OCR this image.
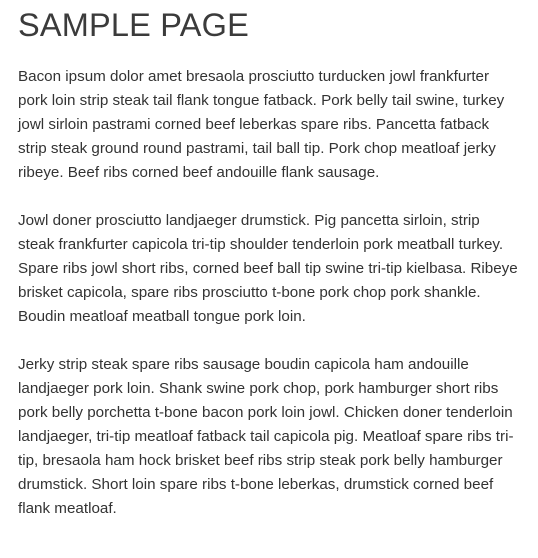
SAMPLE PAGE

Bacon ipsum dolor amet bresaola prosciutto turducken jowl frankfurter pork loin strip steak tail flank tongue fatback. Pork belly tail swine, turkey jowl sirloin pastrami corned beef leberkas spare ribs. Pancetta fatback strip steak ground round pastrami, tail ball tip. Pork chop meatloaf jerky ribeye. Beef ribs corned beef andouille flank sausage.

Jowl doner prosciutto landjaeger drumstick. Pig pancetta sirloin, strip steak frankfurter capicola tri-tip shoulder tenderloin pork meatball turkey. Spare ribs jowl short ribs, corned beef ball tip swine tri-tip kielbasa. Ribeye brisket capicola, spare ribs prosciutto t-bone pork chop pork shankle. Boudin meatloaf meatball tongue pork loin.

Jerky strip steak spare ribs sausage boudin capicola ham andouille landjaeger pork loin. Shank swine pork chop, pork hamburger short ribs pork belly porchetta t-bone bacon pork loin jowl. Chicken doner tenderloin landjaeger, tri-tip meatloaf fatback tail capicola pig. Meatloaf spare ribs tri-tip, bresaola ham hock brisket beef ribs strip steak pork belly hamburger drumstick. Short loin spare ribs t-bone leberkas, drumstick corned beef flank meatloaf.
